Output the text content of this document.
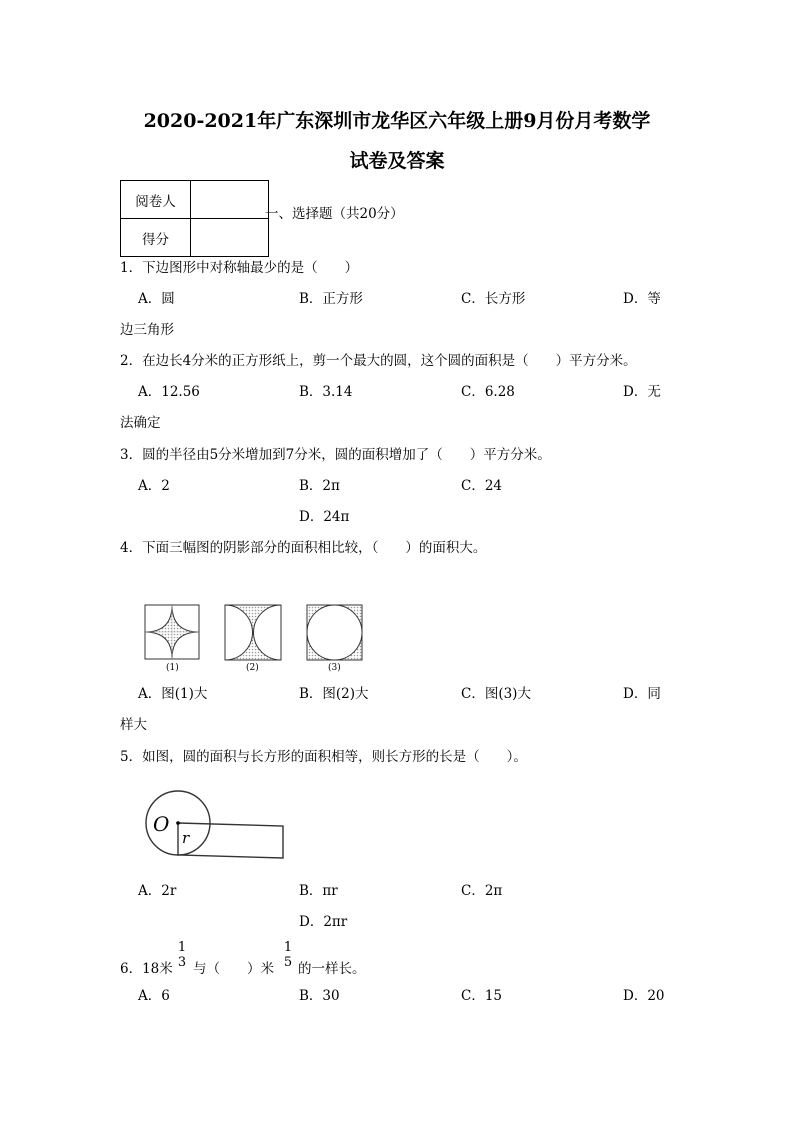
2020-2021年广东深圳市龙华区六年级上册9月份月考数学
试卷及答案
阅卷人	
得分	
一、选择题（共20分）
1．下边图形中对称轴最少的是（　　）
A．圆	B．正方形	C．长方形	D．等
边三角形
2．在边长4分米的正方形纸上，剪一个最大的圆，这个圆的面积是（　　）平方分米。
A．12.56	B．3.14	C．6.28	D．无
法确定
3．圆的半径由5分米增加到7分米，圆的面积增加了（　　）平方分米。
A．2	B．2π	C．24
D．24π
4．下面三幅图的阴影部分的面积相比较，（　　）的面积大。
(1)	(2)	(3)
A．图(1)大	B．图(2)大	C．图(3)大	D．同
样大
5．如图，圆的面积与长方形的面积相等，则长方形的长是（　　）。
O
r
A．2r	B．πr	C．2π
D．2πr
6．18米
1
3 与（　　）米
1
5 的一样长。
A．6	B．30	C．15	D．20
